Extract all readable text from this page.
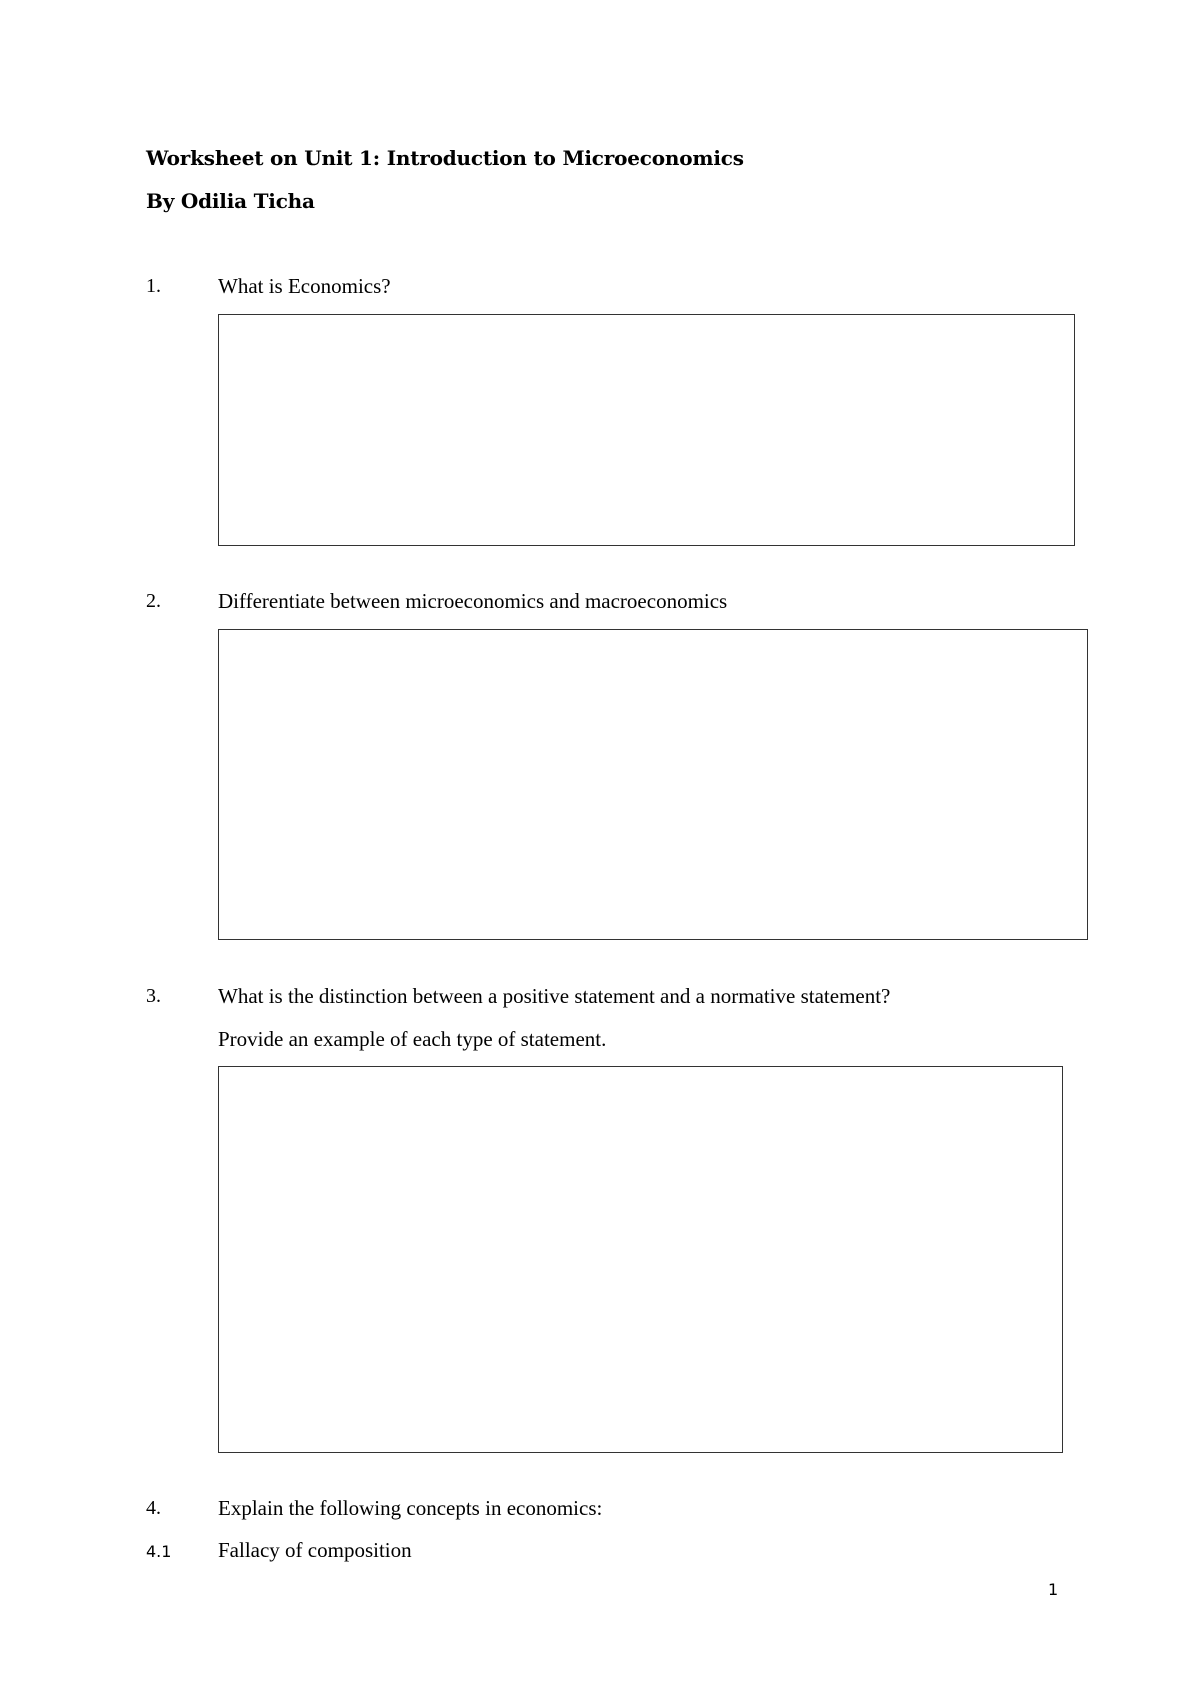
Worksheet on Unit 1: Introduction to Microeconomics
By Odilia Ticha
1.	What is Economics?
2.	Differentiate between microeconomics and macroeconomics
3.	What is the distinction between a positive statement and a normative statement?
Provide an example of each type of statement.
4.	Explain the following concepts in economics:
4.1 Fallacy of composition
1
